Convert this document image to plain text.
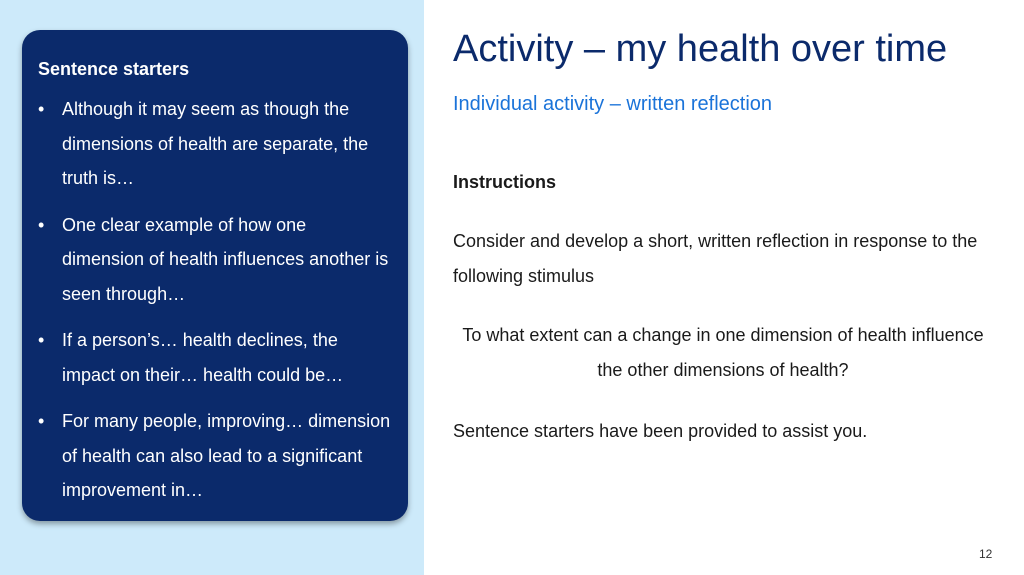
Sentence starters
• Although it may seem as though the dimensions of health are separate, the truth is…
• One clear example of how one dimension of health influences another is seen through…
• If a person’s… health declines, the impact on their… health could be…
• For many people, improving… dimension of health can also lead to a significant improvement in…
Activity – my health over time
Individual activity – written reflection
Instructions

Consider and develop a short, written reflection in response to the following stimulus

To what extent can a change in one dimension of health influence the other dimensions of health?

Sentence starters have been provided to assist you.

12
